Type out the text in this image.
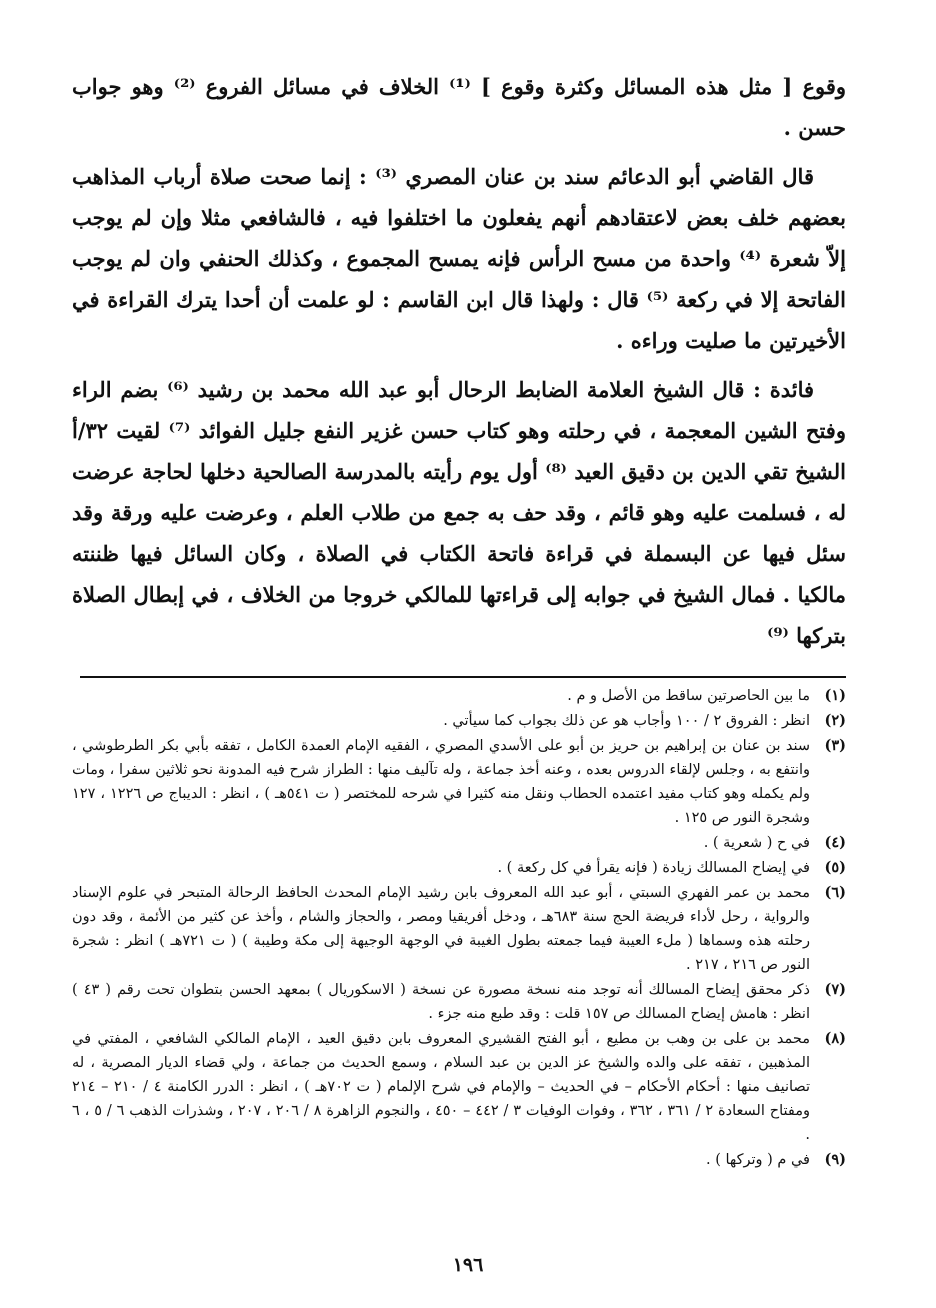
وقوع [ مثل هذه المسائل وكثرة وقوع ] ⁽¹⁾ الخلاف في مسائل الفروع ⁽²⁾ وهو جواب حسن .

قال القاضي أبو الدعائم سند بن عنان المصري ⁽³⁾ : إنما صحت صلاة أرباب المذاهب بعضهم خلف بعض لاعتقادهم أنهم يفعلون ما اختلفوا فيه ، فالشافعي مثلا وإن لم يوجب إلاّ شعرة ⁽⁴⁾ واحدة من مسح الرأس فإنه يمسح المجموع ، وكذلك الحنفي وان لم يوجب الفاتحة إلا في ركعة ⁽⁵⁾ قال : ولهذا قال ابن القاسم : لو علمت أن أحدا يترك القراءة في الأخيرتين ما صليت وراءه .

فائدة : قال الشيخ العلامة الضابط الرحال أبو عبد الله محمد بن رشيد ⁽⁶⁾ بضم الراء وفتح الشين المعجمة ، في رحلته وهو كتاب حسن غزير النفع جليل الفوائد ⁽⁷⁾ لقيت ٣٢/أ الشيخ تقي الدين بن دقيق العيد ⁽⁸⁾ أول يوم رأيته بالمدرسة الصالحية دخلها لحاجة عرضت له ، فسلمت عليه وهو قائم ، وقد حف به جمع من طلاب العلم ، وعرضت عليه ورقة وقد سئل فيها عن البسملة في قراءة فاتحة الكتاب في الصلاة ، وكان السائل فيها ظننته مالكيا . فمال الشيخ في جوابه إلى قراءتها للمالكي خروجا من الخلاف ، في إبطال الصلاة بتركها ⁽⁹⁾

(١)
ما بين الحاصرتين ساقط من الأصل و م .
(٢)
انظر : الفروق ٢ / ١٠٠ وأجاب هو عن ذلك بجواب كما سيأتي .
(٣)
سند بن عنان بن إبراهيم بن حريز بن أبو على الأسدي المصري ، الفقيه الإمام العمدة الكامل ، تفقه بأبي بكر الطرطوشي ، وانتفع به ، وجلس لإلقاء الدروس بعده ، وعنه أخذ جماعة ، وله تآليف منها : الطراز شرح فيه المدونة نحو ثلاثين سفرا ، ومات ولم يكمله وهو كتاب مفيد اعتمده الحطاب ونقل منه كثيرا في شرحه للمختصر ( ت ٥٤١هـ ) ، انظر : الديباج ص ١٢٢٦ ، ١٢٧ وشجرة النور ص ١٢٥ .
(٤)
في ح ( شعرية ) .
(٥)
في إيضاح المسالك زيادة ( فإنه يقرأ في كل ركعة ) .
(٦)
محمد بن عمر الفهري السبتي ، أبو عبد الله المعروف بابن رشيد الإمام المحدث الحافظ الرحالة المتبحر في علوم الإسناد والرواية ، رحل لأداء فريضة الحج سنة ٦٨٣هـ ، ودخل أفريقيا ومصر ، والحجاز والشام ، وأخذ عن كثير من الأئمة ، وقد دون رحلته هذه وسماها ( ملء العيبة فيما جمعته بطول الغيبة في الوجهة الوجيهة إلى مكة وطيبة ) ( ت ٧٢١هـ ) انظر : شجرة النور ص ٢١٦ ، ٢١٧ .
(٧)
ذكر محقق إيضاح المسالك أنه توجد منه نسخة مصورة عن نسخة ( الاسكوريال ) بمعهد الحسن بتطوان تحت رقم ( ٤٣ ) انظر : هامش إيضاح المسالك ص ١٥٧ قلت : وقد طبع منه جزء .
(٨)
محمد بن على بن وهب بن مطيع ، أبو الفتح القشيري المعروف بابن دقيق العيد ، الإمام المالكي الشافعي ، المفتي في المذهبين ، تفقه على والده والشيخ عز الدين بن عبد السلام ، وسمع الحديث من جماعة ، ولي قضاء الديار المصرية ، له تصانيف منها : أحكام الأحكام – في الحديث – والإمام في شرح الإلمام ( ت ٧٠٢هـ ) ، انظر : الدرر الكامنة ٤ / ٢١٠ – ٢١٤ ومفتاح السعادة ٢ / ٣٦١ ، ٣٦٢ ، وفوات الوفيات ٣ / ٤٤٢ – ٤٥٠ ، والنجوم الزاهرة ٨ / ٢٠٦ ، ٢٠٧ ، وشذرات الذهب ٦ / ٥ ، ٦ .
(٩)
في م ( وتركها ) .
١٩٦
